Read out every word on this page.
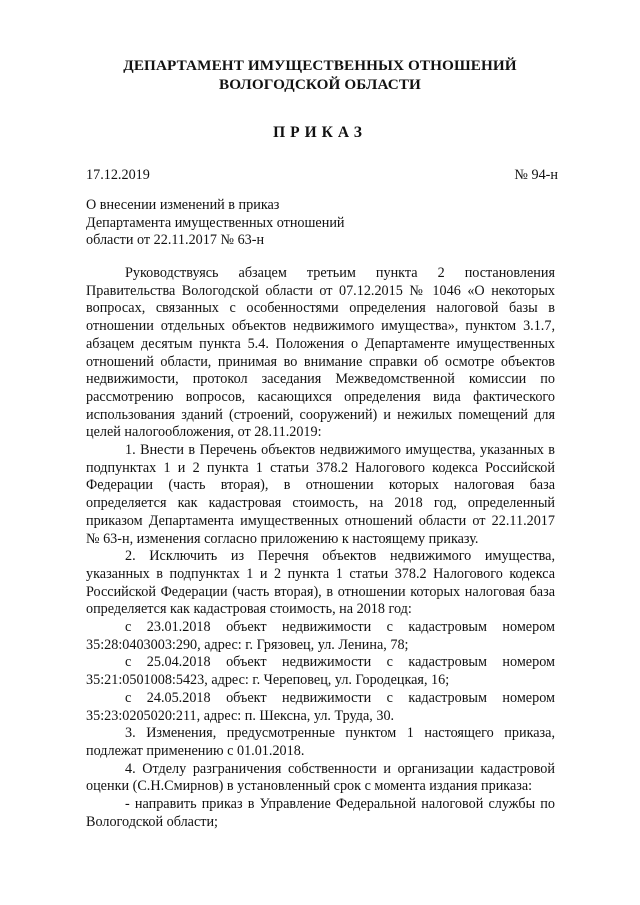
ДЕПАРТАМЕНТ ИМУЩЕСТВЕННЫХ ОТНОШЕНИЙ
ВОЛОГОДСКОЙ ОБЛАСТИ
ПРИКАЗ
17.12.2019	№ 94-н
О внесении изменений в приказ
Департамента имущественных отношений
области от 22.11.2017 № 63-н

Руководствуясь абзацем третьим пункта 2 постановления Правительства Вологодской области от 07.12.2015 № 1046 «О некоторых вопросах, связанных с особенностями определения налоговой базы в отношении отдельных объектов недвижимого имущества», пунктом 3.1.7, абзацем десятым пункта 5.4. Положения о Департаменте имущественных отношений области, принимая во внимание справки об осмотре объектов недвижимости, протокол заседания Межведомственной комиссии по рассмотрению вопросов, касающихся определения вида фактического использования зданий (строений, сооружений) и нежилых помещений для целей налогообложения, от 28.11.2019:

1. Внести в Перечень объектов недвижимого имущества, указанных в подпунктах 1 и 2 пункта 1 статьи 378.2 Налогового кодекса Российской Федерации (часть вторая), в отношении которых налоговая база определяется как кадастровая стоимость, на 2018 год, определенный приказом Департамента имущественных отношений области от 22.11.2017 № 63-н, изменения согласно приложению к настоящему приказу.

2. Исключить из Перечня объектов недвижимого имущества, указанных в подпунктах 1 и 2 пункта 1 статьи 378.2 Налогового кодекса Российской Федерации (часть вторая), в отношении которых налоговая база определяется как кадастровая стоимость, на 2018 год:

с 23.01.2018 объект недвижимости с кадастровым номером 35:28:0403003:290, адрес: г. Грязовец, ул. Ленина, 78;

с 25.04.2018 объект недвижимости с кадастровым номером 35:21:0501008:5423, адрес: г. Череповец, ул. Городецкая, 16;

с 24.05.2018 объект недвижимости с кадастровым номером 35:23:0205020:211, адрес: п. Шексна, ул. Труда, 30.

3. Изменения, предусмотренные пунктом 1 настоящего приказа, подлежат применению с 01.01.2018.

4. Отделу разграничения собственности и организации кадастровой оценки (С.Н.Смирнов) в установленный срок с момента издания приказа:

- направить приказ в Управление Федеральной налоговой службы по Вологодской области;
